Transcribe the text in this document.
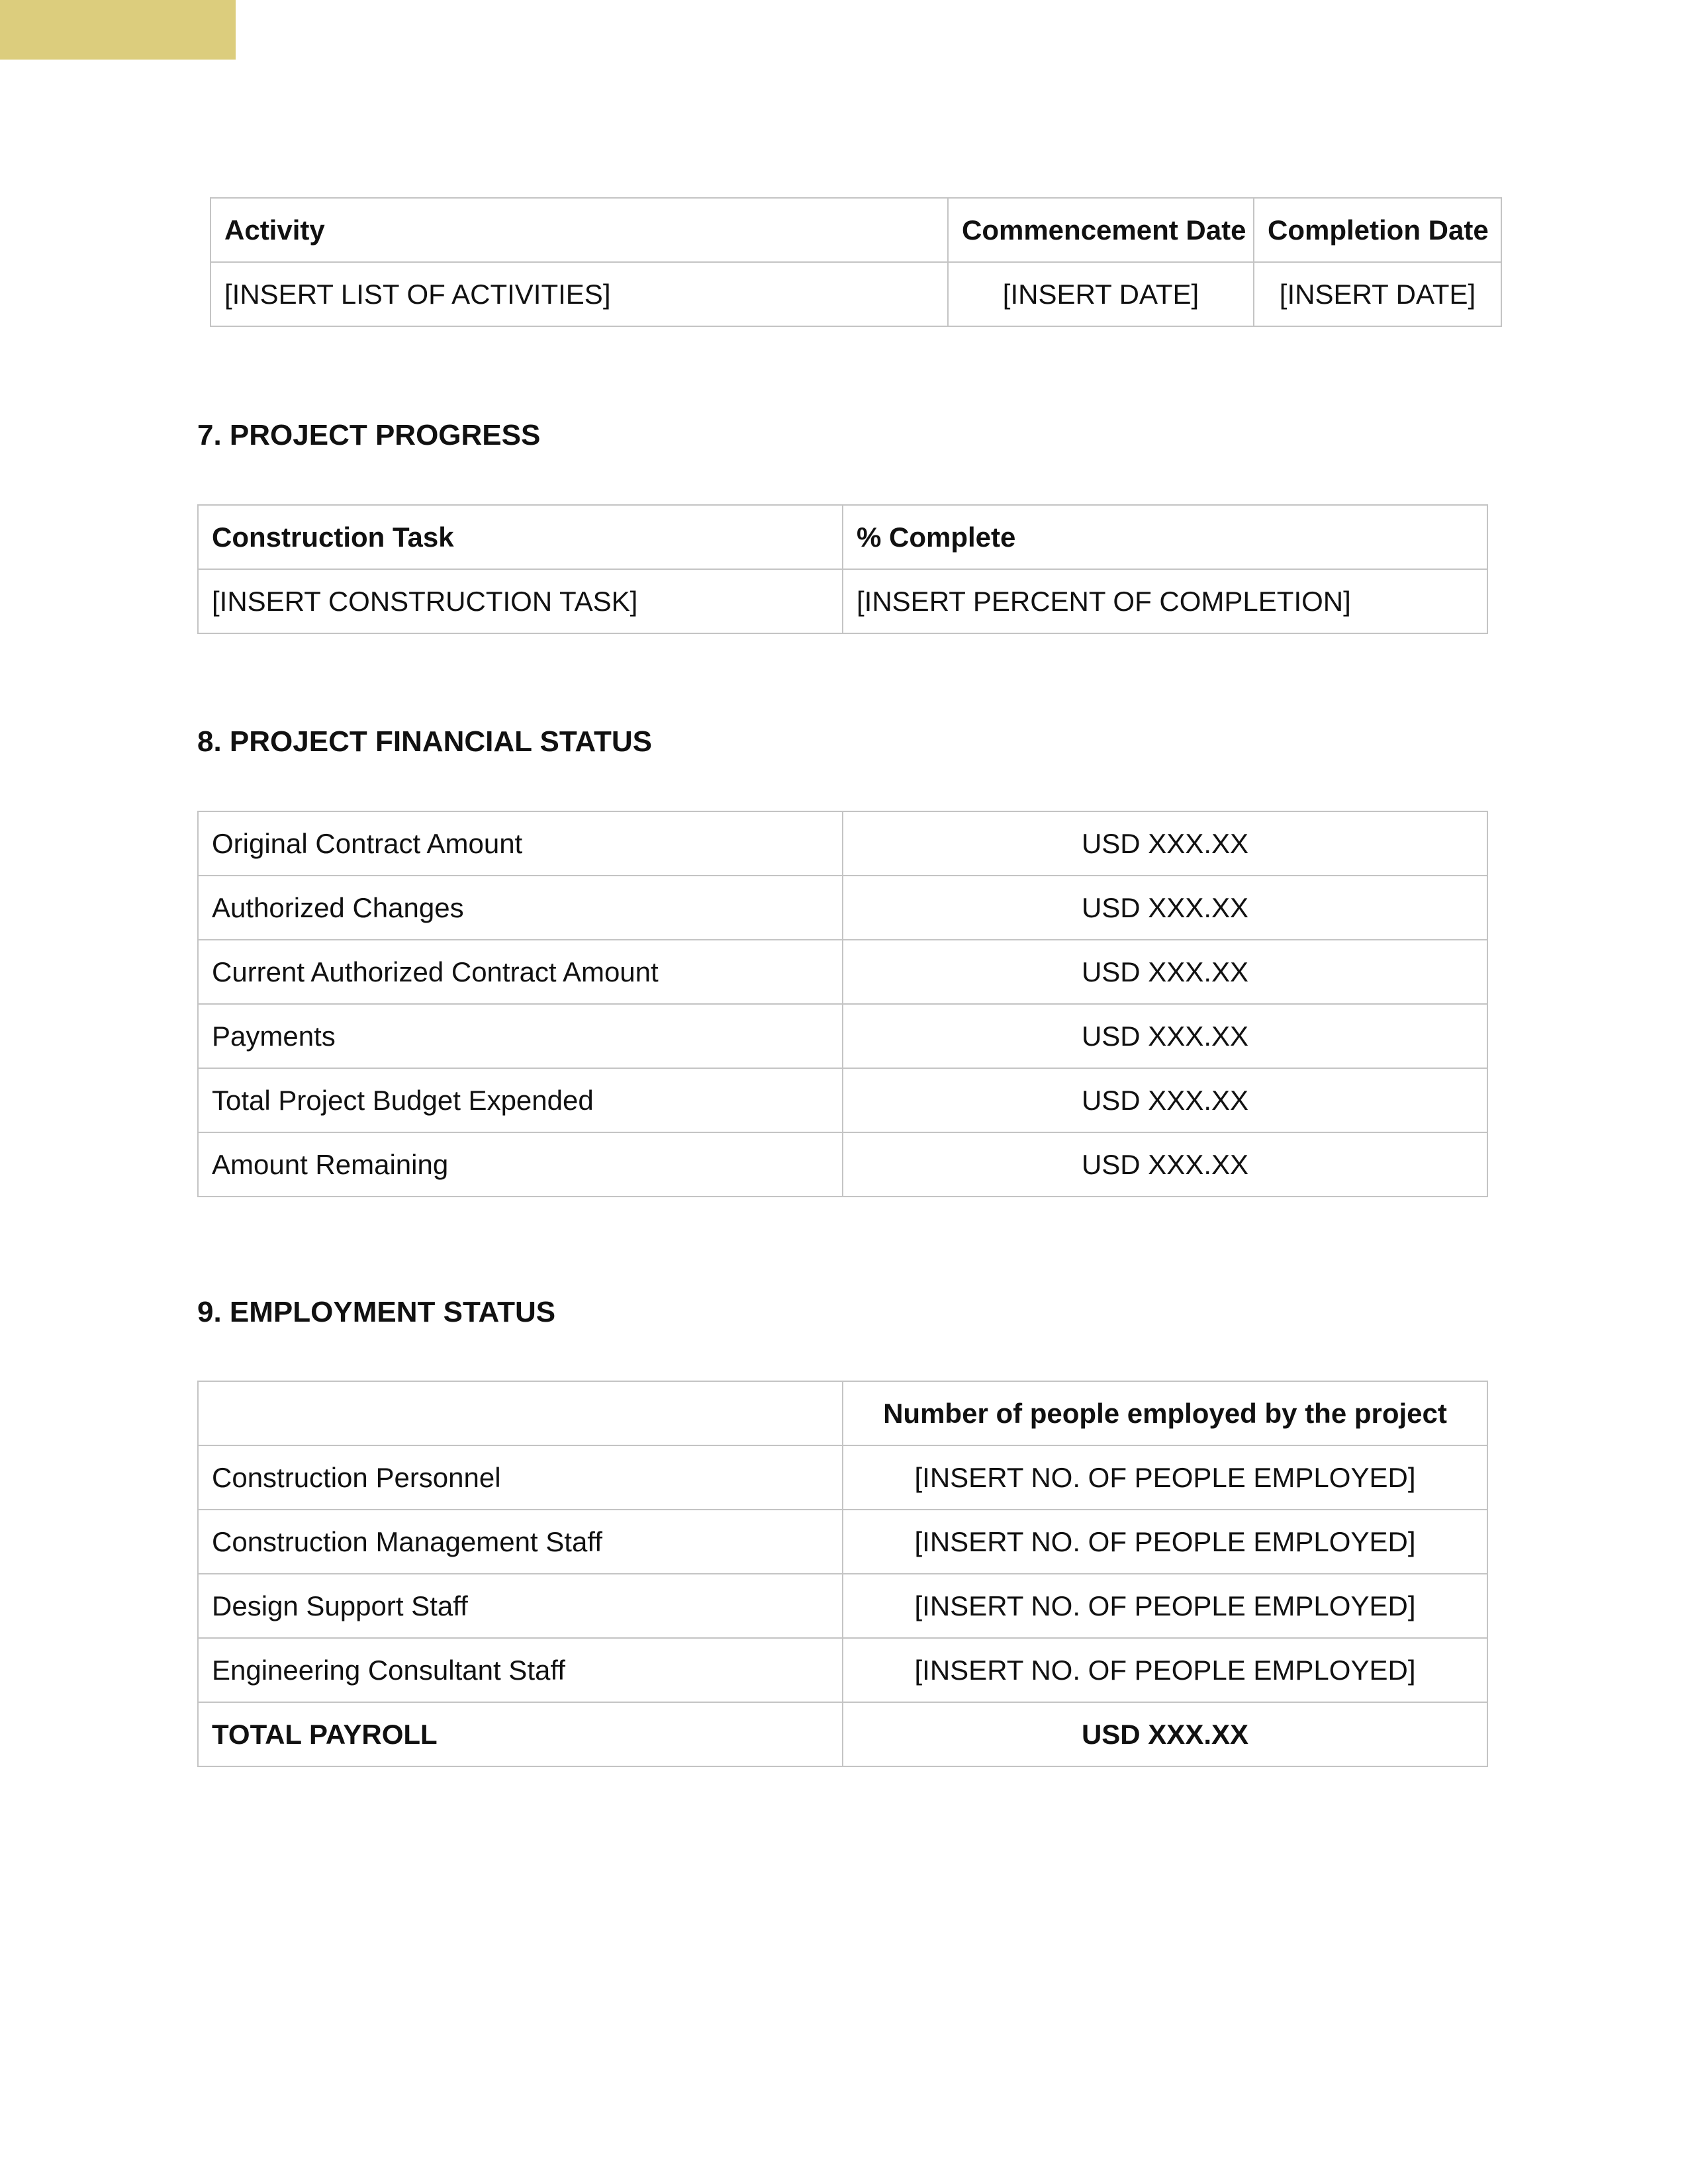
Activity	Commencement Date	Completion Date
[INSERT LIST OF ACTIVITIES]	[INSERT DATE]	[INSERT DATE]
7. PROJECT PROGRESS
Construction Task	% Complete
[INSERT CONSTRUCTION TASK]	[INSERT PERCENT OF COMPLETION]
8. PROJECT FINANCIAL STATUS
Original Contract Amount	USD XXX.XX
Authorized Changes	USD XXX.XX
Current Authorized Contract Amount	USD XXX.XX
Payments	USD XXX.XX
Total Project Budget Expended	USD XXX.XX
Amount Remaining	USD XXX.XX
9. EMPLOYMENT STATUS
	Number of people employed by the project
Construction Personnel	[INSERT NO. OF PEOPLE EMPLOYED]
Construction Management Staff	[INSERT NO. OF PEOPLE EMPLOYED]
Design Support Staff	[INSERT NO. OF PEOPLE EMPLOYED]
Engineering Consultant Staff	[INSERT NO. OF PEOPLE EMPLOYED]
TOTAL PAYROLL	USD XXX.XX
